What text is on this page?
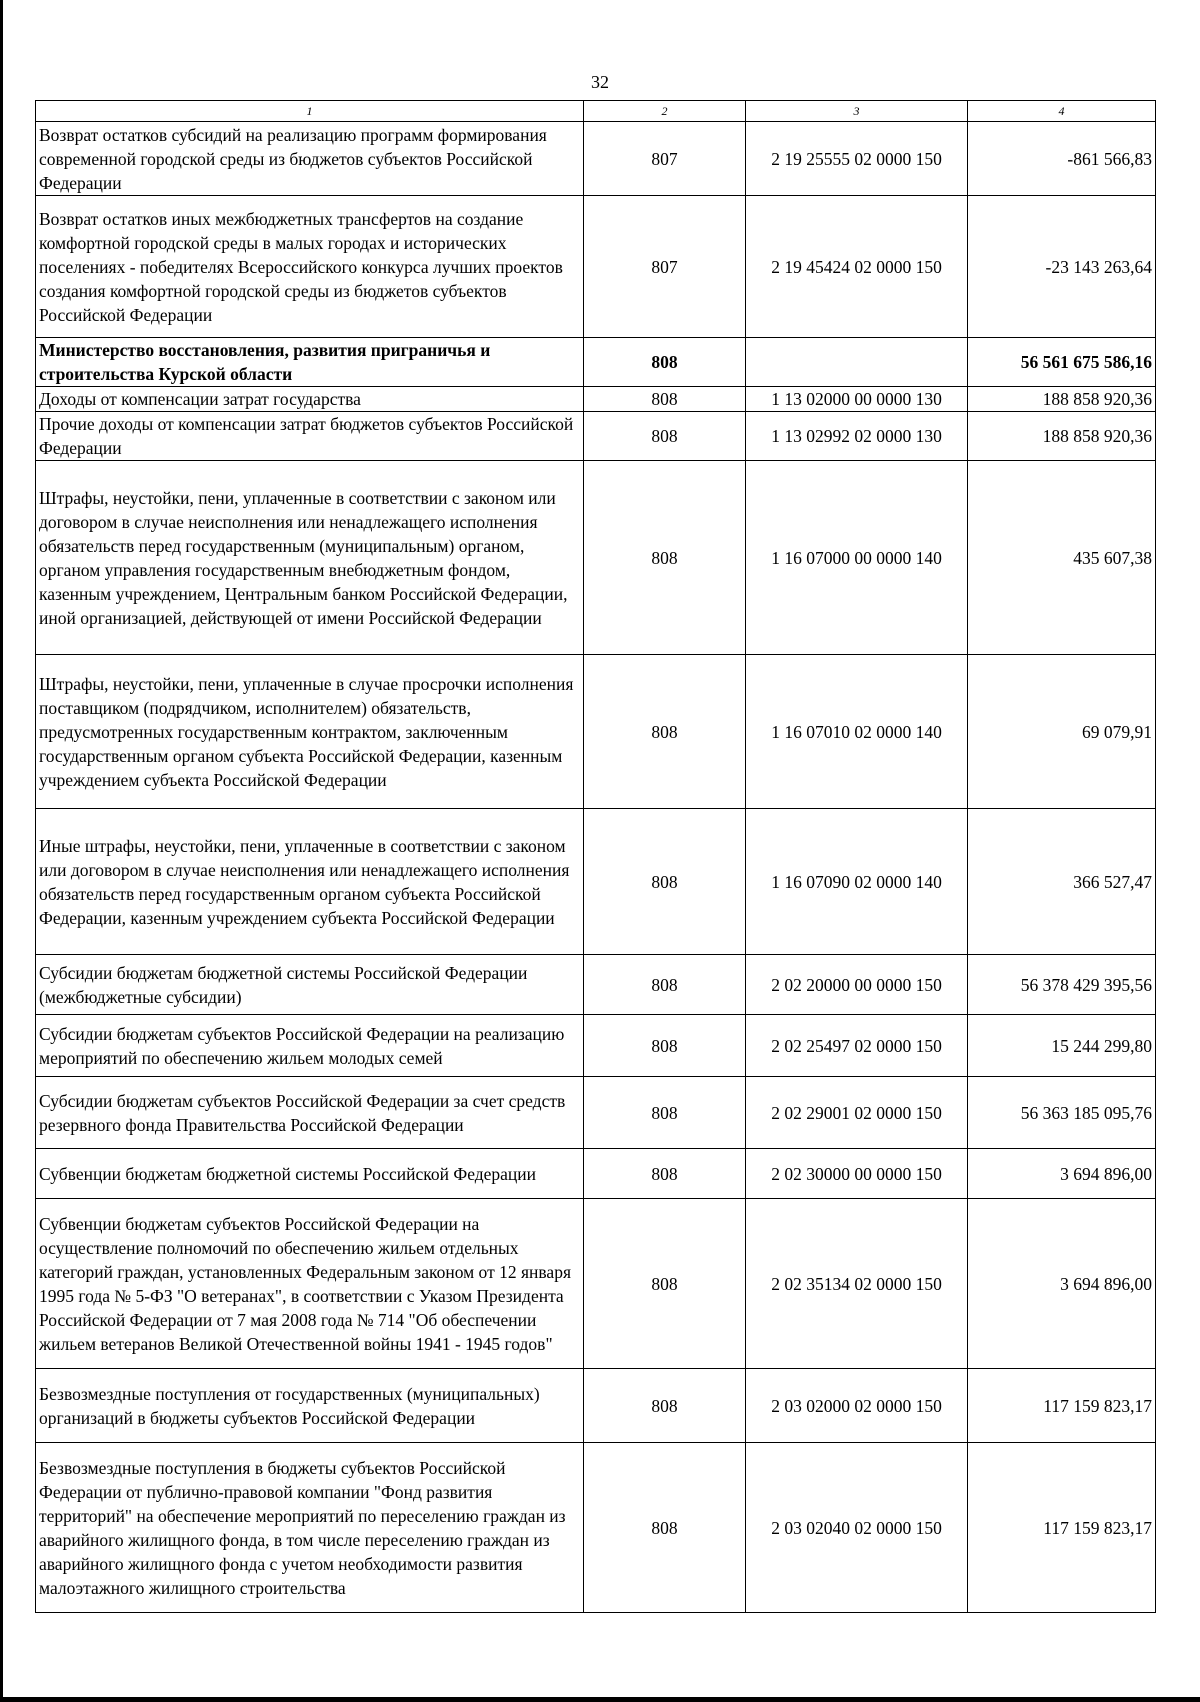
32
1	2	3	4
Возврат остатков субсидий на реализацию программ формирования современной городской среды из бюджетов субъектов Российской Федерации	807	2 19 25555 02 0000 150	-861 566,83
Возврат остатков иных межбюджетных трансфертов на создание комфортной городской среды в малых городах и исторических поселениях - победителях Всероссийского конкурса лучших проектов создания комфортной городской среды из бюджетов субъектов Российской Федерации	807	2 19 45424 02 0000 150	-23 143 263,64
Министерство восстановления, развития приграничья и строительства Курской области	808		56 561 675 586,16
Доходы от компенсации затрат государства	808	1 13 02000 00 0000 130	188 858 920,36
Прочие доходы от компенсации затрат бюджетов субъектов Российской Федерации	808	1 13 02992 02 0000 130	188 858 920,36
Штрафы, неустойки, пени, уплаченные в соответствии с законом или договором в случае неисполнения или ненадлежащего исполнения обязательств перед государственным (муниципальным) органом, органом управления государственным внебюджетным фондом, казенным учреждением, Центральным банком Российской Федерации, иной организацией, действующей от имени Российской Федерации	808	1 16 07000 00 0000 140	435 607,38
Штрафы, неустойки, пени, уплаченные в случае просрочки исполнения поставщиком (подрядчиком, исполнителем) обязательств, предусмотренных государственным контрактом, заключенным государственным органом субъекта Российской Федерации, казенным учреждением субъекта Российской Федерации	808	1 16 07010 02 0000 140	69 079,91
Иные штрафы, неустойки, пени, уплаченные в соответствии с законом или договором в случае неисполнения или ненадлежащего исполнения обязательств перед государственным органом субъекта Российской Федерации, казенным учреждением субъекта Российской Федерации	808	1 16 07090 02 0000 140	366 527,47
Субсидии бюджетам бюджетной системы Российской Федерации (межбюджетные субсидии)	808	2 02 20000 00 0000 150	56 378 429 395,56
Субсидии бюджетам субъектов Российской Федерации на реализацию мероприятий по обеспечению жильем молодых семей	808	2 02 25497 02 0000 150	15 244 299,80
Субсидии бюджетам субъектов Российской Федерации за счет средств резервного фонда Правительства Российской Федерации	808	2 02 29001 02 0000 150	56 363 185 095,76
Субвенции бюджетам бюджетной системы Российской Федерации	808	2 02 30000 00 0000 150	3 694 896,00
Субвенции бюджетам субъектов Российской Федерации на осуществление полномочий по обеспечению жильем отдельных категорий граждан, установленных Федеральным законом от 12 января 1995 года № 5-ФЗ "О ветеранах", в соответствии с Указом Президента Российской Федерации от 7 мая 2008 года № 714 "Об обеспечении жильем ветеранов Великой Отечественной войны 1941 - 1945 годов"	808	2 02 35134 02 0000 150	3 694 896,00
Безвозмездные поступления от государственных (муниципальных) организаций в бюджеты субъектов Российской Федерации	808	2 03 02000 02 0000 150	117 159 823,17
Безвозмездные поступления в бюджеты субъектов Российской Федерации от публично-правовой компании "Фонд развития территорий" на обеспечение мероприятий по переселению граждан из аварийного жилищного фонда, в том числе переселению граждан из аварийного жилищного фонда с учетом необходимости развития малоэтажного жилищного строительства	808	2 03 02040 02 0000 150	117 159 823,17
